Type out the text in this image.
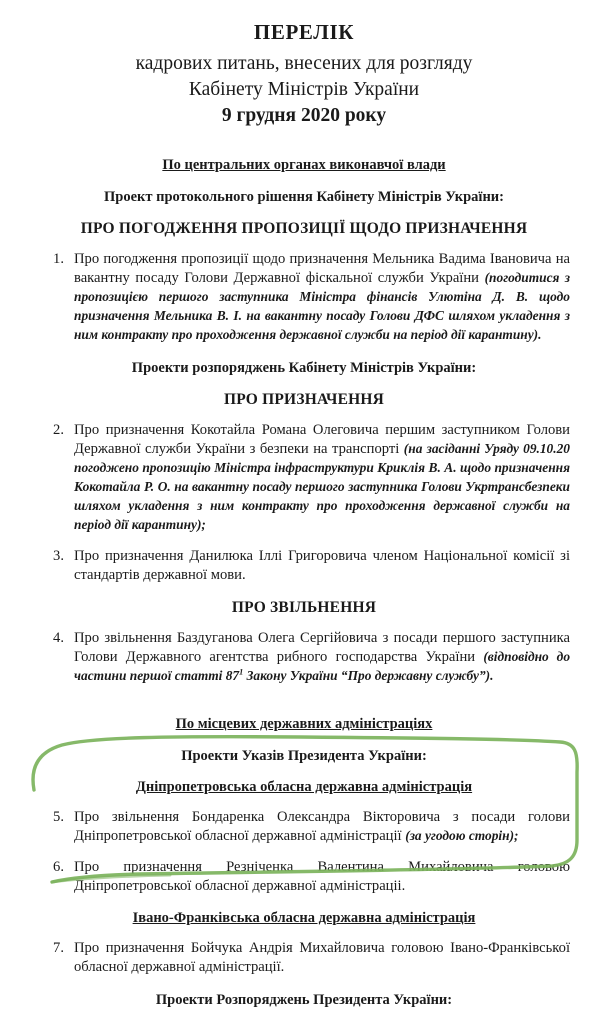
ПЕРЕЛІК
кадрових питань, внесених для розгляду
Кабінету Міністрів України
9 грудня 2020 року
По центральних органах виконавчої влади
Проект протокольного рішення Кабінету Міністрів України:
ПРО ПОГОДЖЕННЯ ПРОПОЗИЦІЇ ЩОДО ПРИЗНАЧЕННЯ
1. Про погодження пропозиції щодо призначення Мельника Вадима Івановича на вакантну посаду Голови Державної фіскальної служби України (погодитися з пропозицією першого заступника Міністра фінансів Улютіна Д. В. щодо призначення Мельника В. І. на вакантну посаду Голови ДФС шляхом укладення з ним контракту про проходження державної служби на період дії карантину).
Проекти розпоряджень Кабінету Міністрів України:
ПРО ПРИЗНАЧЕННЯ
2. Про призначення Кокотайла Романа Олеговича першим заступником Голови Державної служби України з безпеки на транспорті (на засіданні Уряду 09.10.20 погоджено пропозицію Міністра інфраструктури Криклія В. А. щодо призначення Кокотайла Р. О. на вакантну посаду першого заступника Голови Укртрансбезпеки шляхом укладення з ним контракту про проходження державної служби на період дії карантину);
3. Про призначення Данилюка Іллі Григоровича членом Національної комісії зі стандартів державної мови.
ПРО ЗВІЛЬНЕННЯ
4. Про звільнення Баздуганова Олега Сергійовича з посади першого заступника Голови Державного агентства рибного господарства України (відповідно до частини першої статті $87^1$ Закону України “Про державну службу”).
По місцевих державних адміністраціях
Проекти Указів Президента України:
Дніпропетровська обласна державна адміністрація
5. Про звільнення Бондаренка Олександра Вікторовича з посади голови Дніпропетровської обласної державної адміністрації (за угодою сторін);
6. Про призначення Резніченка Валентина Михайловича головою Дніпропетровської обласної державної адміністраціі.
Івано-Франківська обласна державна адміністрація
7. Про призначення Бойчука Андрія Михайловича головою Івано-Франківської обласної державної адміністрації.
Проекти Розпоряджень Президента України:
